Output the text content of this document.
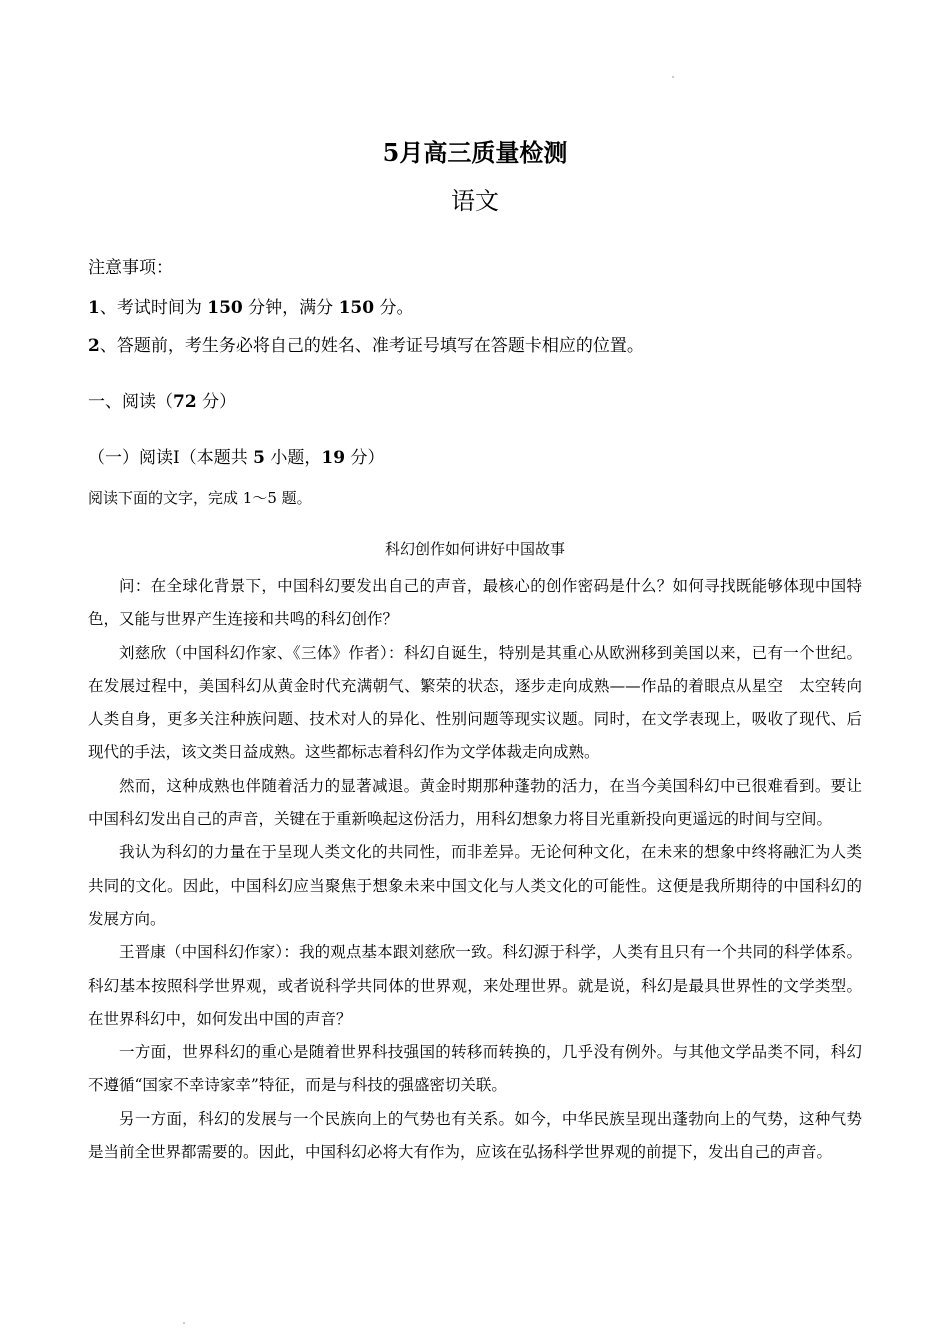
5月高三质量检测
语文
注意事项：
1、考试时间为 150 分钟，满分 150 分。
2、答题前，考生务必将自己的姓名、准考证号填写在答题卡相应的位置。
一、阅读（72 分）
（一）阅读Ⅰ（本题共 5 小题，19 分）
阅读下面的文字，完成 1～5 题。
科幻创作如何讲好中国故事

问：在全球化背景下，中国科幻要发出自己的声音，最核心的创作密码是什么？如何寻找既能够体现中国特色，又能与世界产生连接和共鸣的科幻创作？

刘慈欣（中国科幻作家、《三体》作者）：科幻自诞生，特别是其重心从欧洲移到美国以来，已有一个世纪。在发展过程中，美国科幻从黄金时代充满朝气、繁荣的状态，逐步走向成熟——作品的着眼点从星空　太空转向人类自身，更多关注种族问题、技术对人的异化、性别问题等现实议题。同时，在文学表现上，吸收了现代、后现代的手法，该文类日益成熟。这些都标志着科幻作为文学体裁走向成熟。

然而，这种成熟也伴随着活力的显著减退。黄金时期那种蓬勃的活力，在当今美国科幻中已很难看到。要让中国科幻发出自己的声音，关键在于重新唤起这份活力，用科幻想象力将目光重新投向更遥远的时间与空间。

我认为科幻的力量在于呈现人类文化的共同性，而非差异。无论何种文化，在未来的想象中终将融汇为人类共同的文化。因此，中国科幻应当聚焦于想象未来中国文化与人类文化的可能性。这便是我所期待的中国科幻的发展方向。

王晋康（中国科幻作家）：我的观点基本跟刘慈欣一致。科幻源于科学，人类有且只有一个共同的科学体系。科幻基本按照科学世界观，或者说科学共同体的世界观，来处理世界。就是说，科幻是最具世界性的文学类型。在世界科幻中，如何发出中国的声音？

一方面，世界科幻的重心是随着世界科技强国的转移而转换的，几乎没有例外。与其他文学品类不同，科幻不遵循“国家不幸诗家幸”特征，而是与科技的强盛密切关联。

另一方面，科幻的发展与一个民族向上的气势也有关系。如今，中华民族呈现出蓬勃向上的气势，这种气势是当前全世界都需要的。因此，中国科幻必将大有作为，应该在弘扬科学世界观的前提下，发出自己的声音。
